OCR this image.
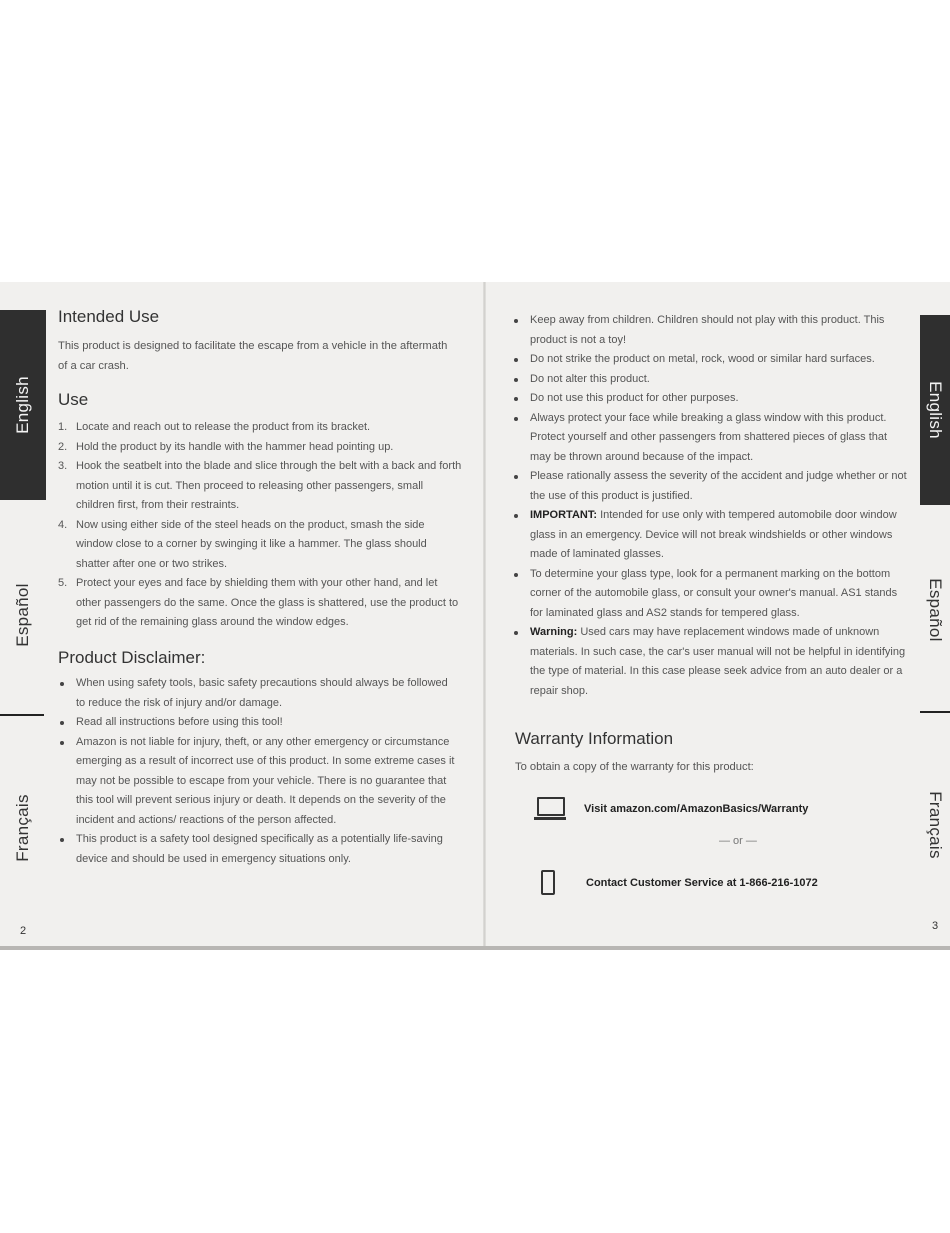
English
Español
Français
Intended Use

This product is designed to facilitate the escape from a vehicle in the aftermath of a car crash.

Use
1. Locate and reach out to release the product from its bracket.
2. Hold the product by its handle with the hammer head pointing up.
3. Hook the seatbelt into the blade and slice through the belt with a back and forth motion until it is cut. Then proceed to releasing other passengers, small children first, from their restraints.
4. Now using either side of the steel heads on the product, smash the side window close to a corner by swinging it like a hammer. The glass should shatter after one or two strikes.
5. Protect your eyes and face by shielding them with your other hand, and let other passengers do the same. Once the glass is shattered, use the product to get rid of the remaining glass around the window edges.
Product Disclaimer:
When using safety tools, basic safety precautions should always be followed to reduce the risk of injury and/or damage.
Read all instructions before using this tool!
Amazon is not liable for injury, theft, or any other emergency or circumstance emerging as a result of incorrect use of this product. In some extreme cases it may not be possible to escape from your vehicle. There is no guarantee that this tool will prevent serious injury or death. It depends on the severity of the incident and actions/ reactions of the person affected.
This product is a safety tool designed specifically as a potentially life-saving device and should be used in emergency situations only.
2
Keep away from children. Children should not play with this product. This product is not a toy!
Do not strike the product on metal, rock, wood or similar hard surfaces.
Do not alter this product.
Do not use this product for other purposes.
Always protect your face while breaking a glass window with this product. Protect yourself and other passengers from shattered pieces of glass that may be thrown around because of the impact.
Please rationally assess the severity of the accident and judge whether or not the use of this product is justified.
IMPORTANT: Intended for use only with tempered automobile door window glass in an emergency. Device will not break windshields or other windows made of laminated glasses.
To determine your glass type, look for a permanent marking on the bottom corner of the automobile glass, or consult your owner's manual. AS1 stands for laminated glass and AS2 stands for tempered glass.
Warning: Used cars may have replacement windows made of unknown materials. In such case, the car's user manual will not be helpful in identifying the type of material. In this case please seek advice from an auto dealer or a repair shop.
Warranty Information

To obtain a copy of the warranty for this product:

Visit amazon.com/AmazonBasics/Warranty
— or —
Contact Customer Service at 1-866-216-1072
English
Español
Français
3
